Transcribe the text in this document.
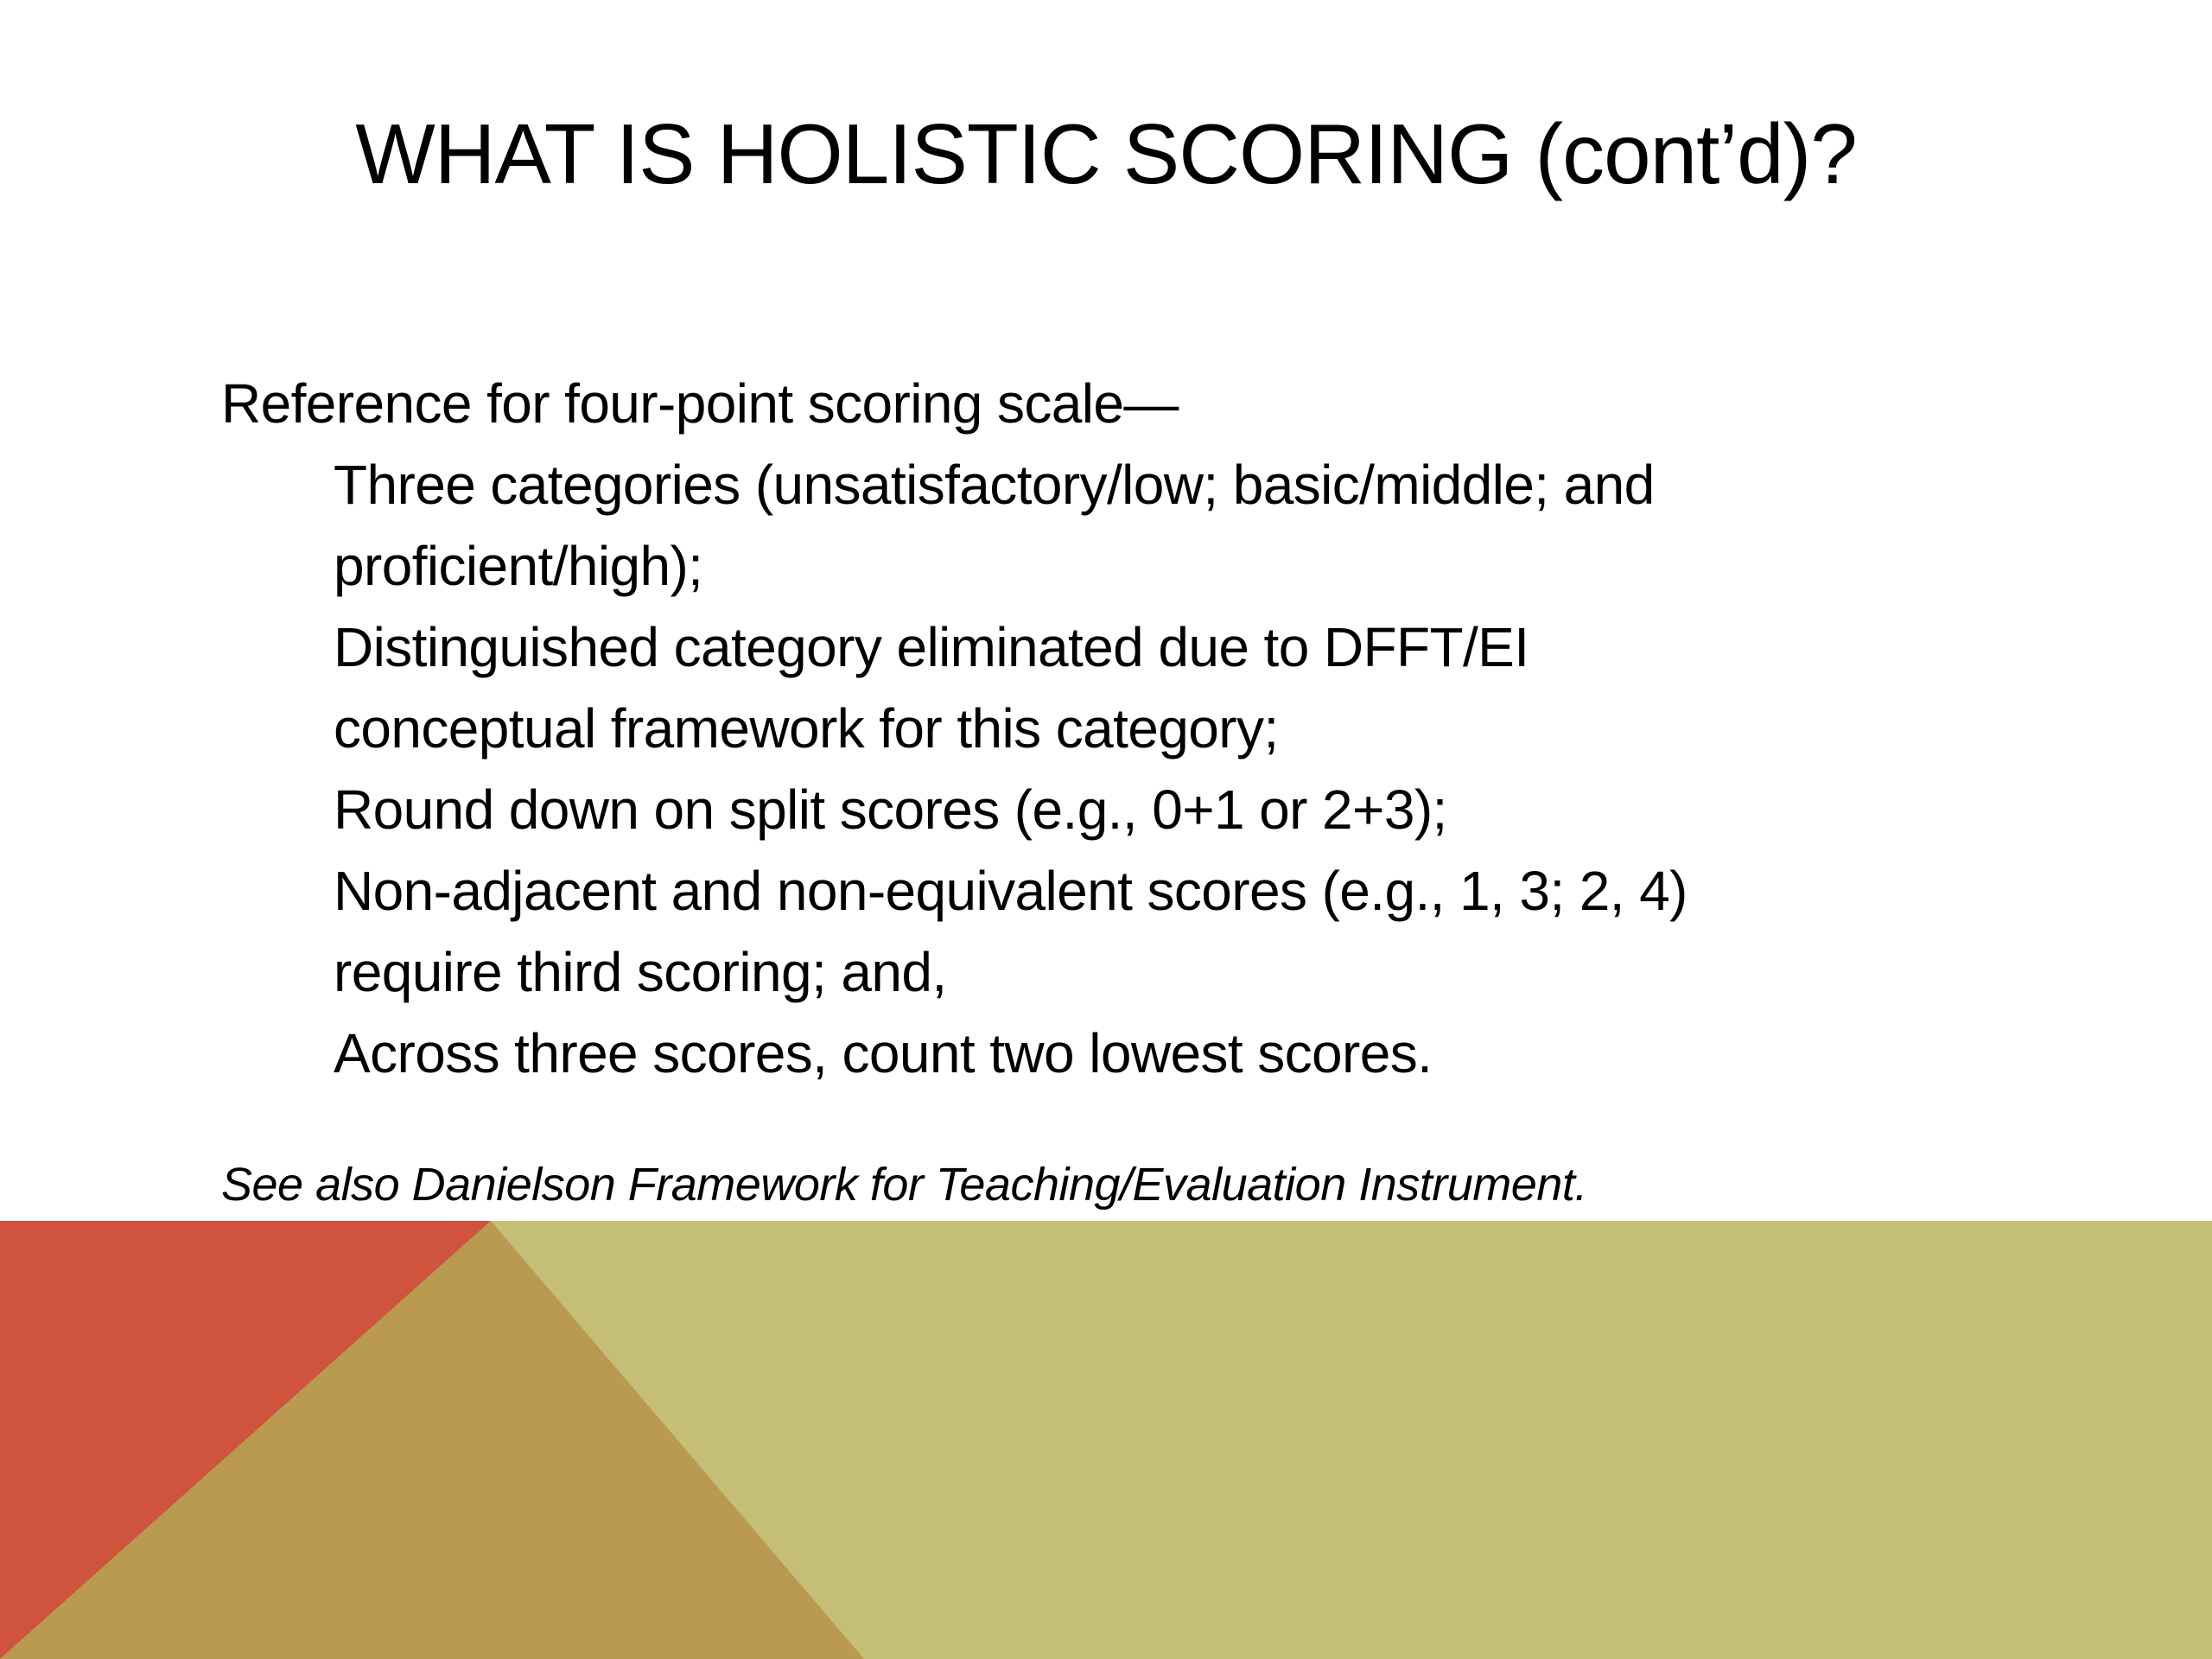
WHAT IS HOLISTIC SCORING (cont’d)?
Reference for four-point scoring scale—
Three categories (unsatisfactory/low; basic/middle; and
proficient/high);
Distinguished category eliminated due to DFFT/EI
conceptual framework for this category;
Round down on split scores (e.g., 0+1 or 2+3);
Non-adjacent and non-equivalent scores (e.g., 1, 3; 2, 4)
require third scoring; and,
Across three scores, count two lowest scores.
See also Danielson Framework for Teaching/Evaluation Instrument.
